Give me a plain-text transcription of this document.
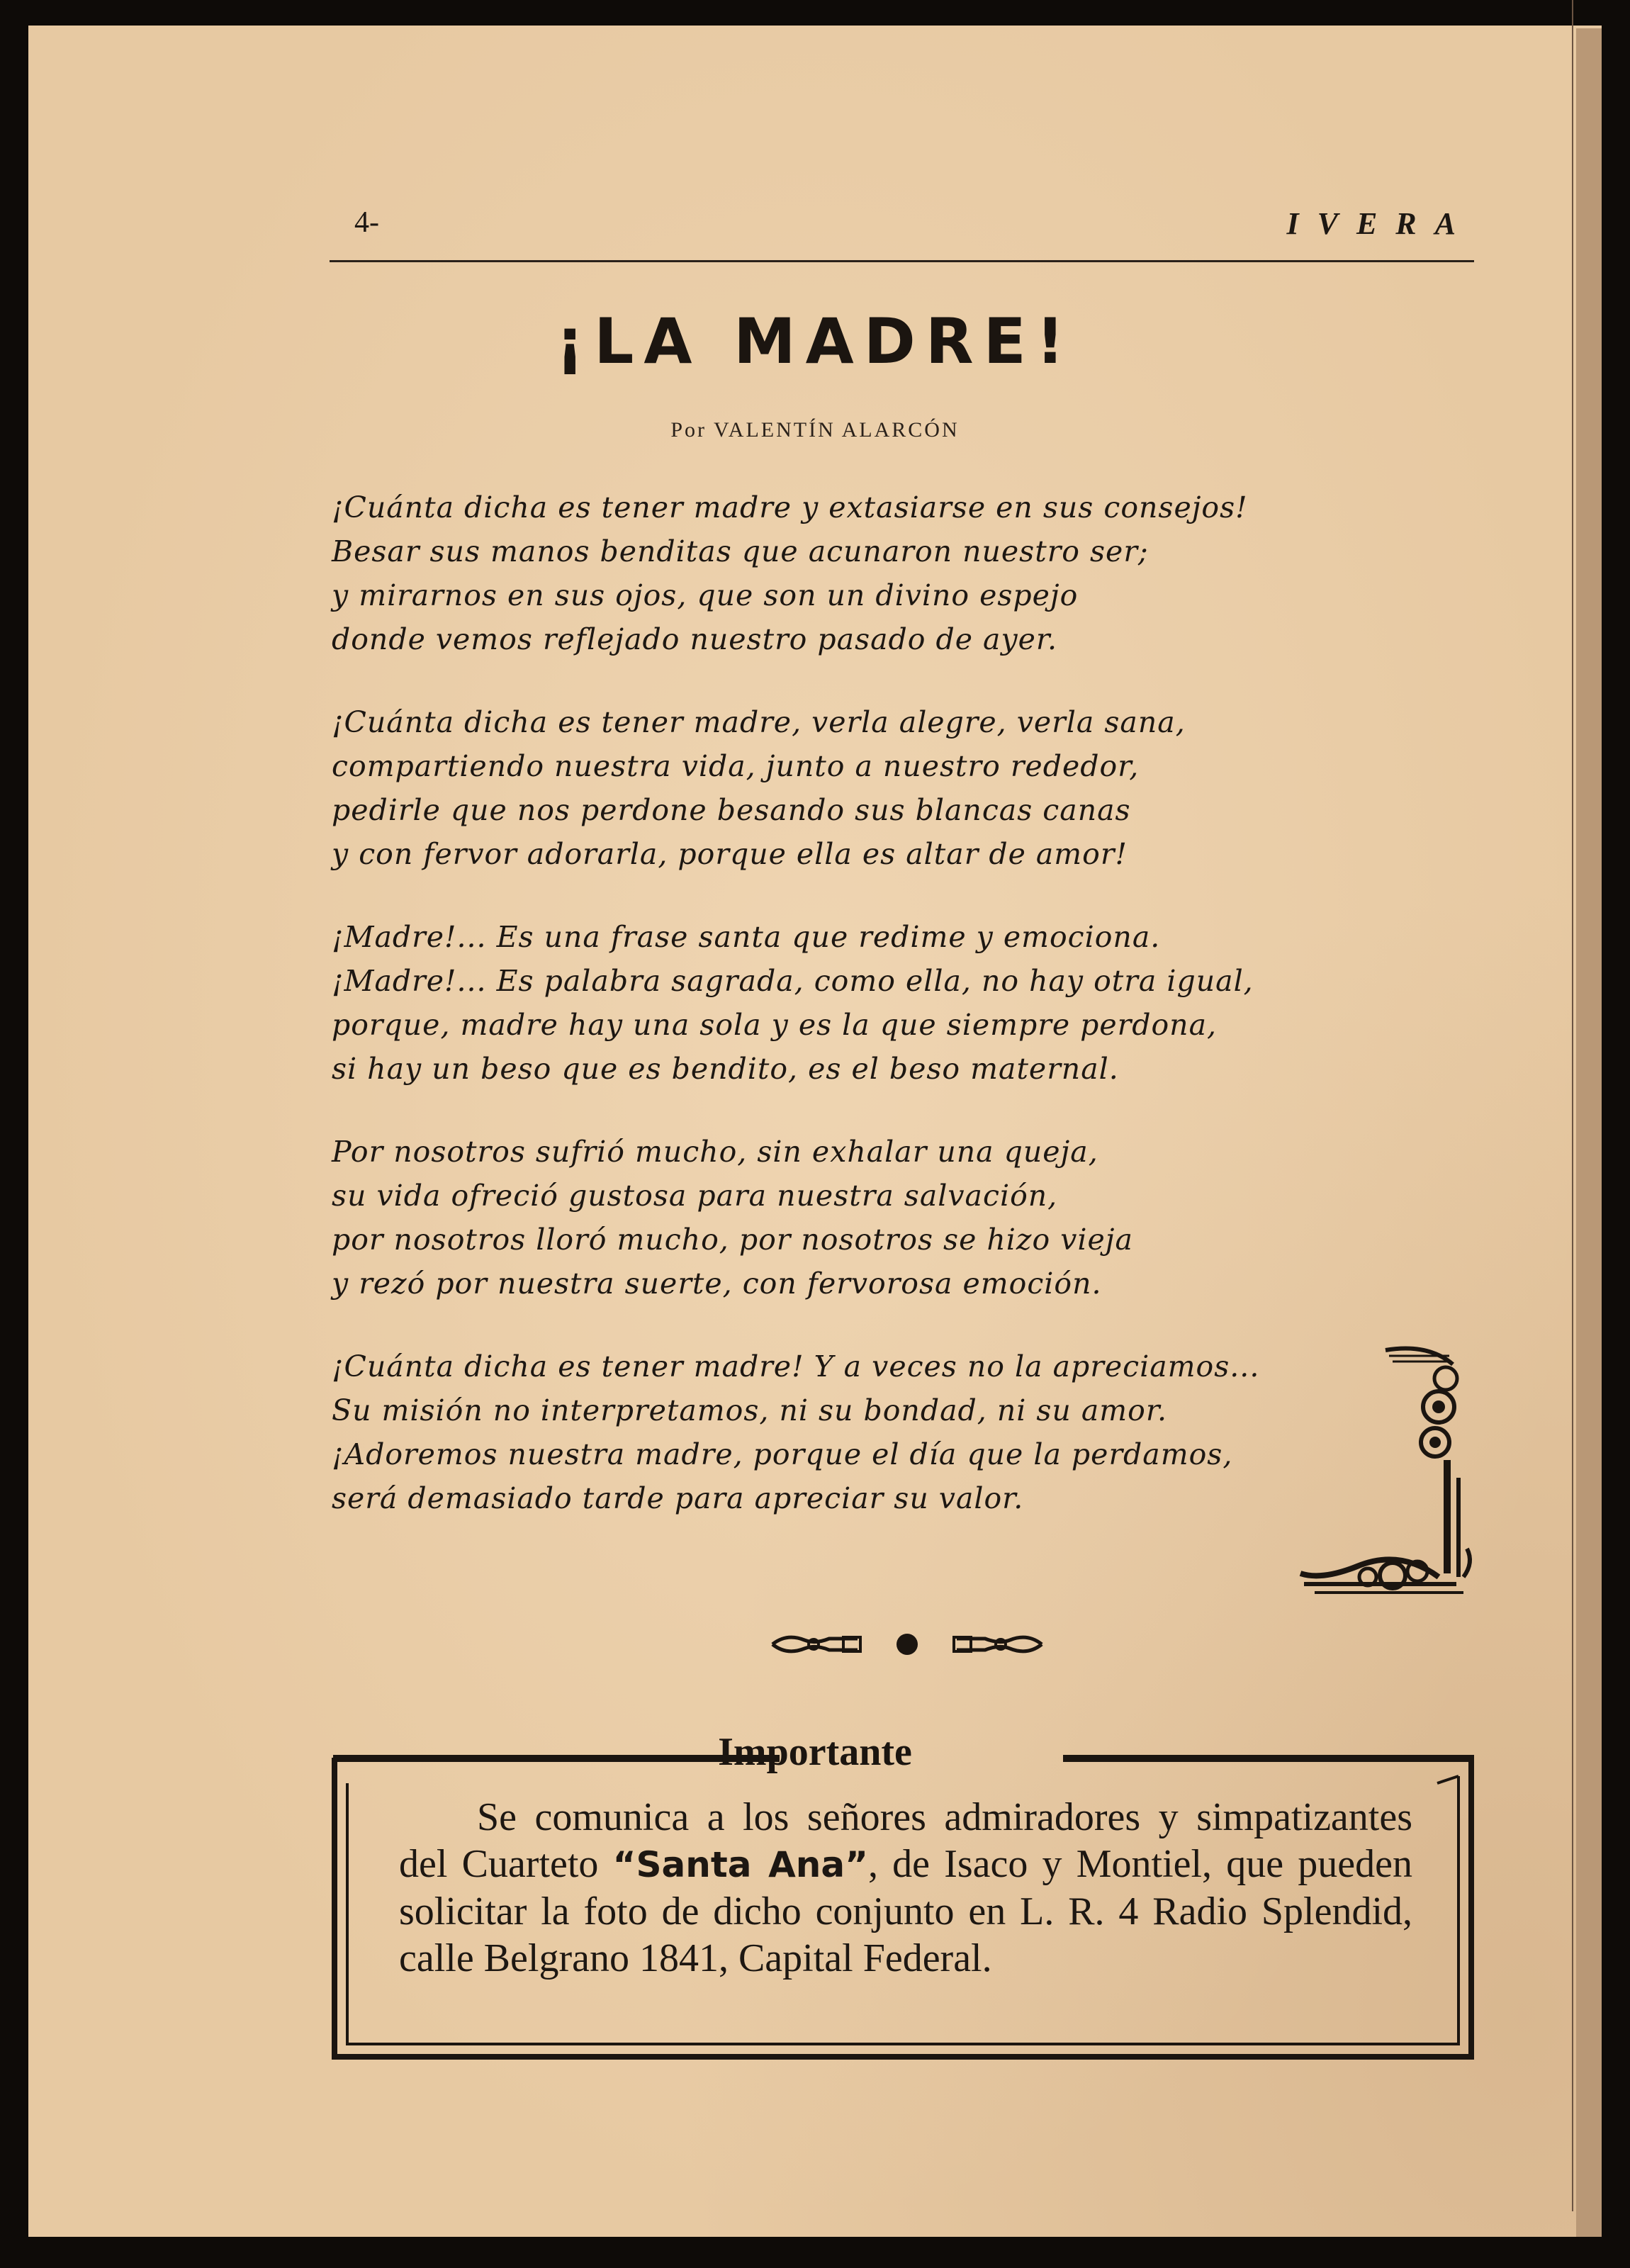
4-	IVERA
¡LA MADRE!
Por VALENTÍN ALARCÓN
¡Cuánta dicha es tener madre y extasiarse en sus consejos!
Besar sus manos benditas que acunaron nuestro ser;
y mirarnos en sus ojos, que son un divino espejo
donde vemos reflejado nuestro pasado de ayer.
¡Cuánta dicha es tener madre, verla alegre, verla sana,
compartiendo nuestra vida, junto a nuestro rededor,
pedirle que nos perdone besando sus blancas canas
y con fervor adorarla, porque ella es altar de amor!
¡Madre!... Es una frase santa que redime y emociona.
¡Madre!... Es palabra sagrada, como ella, no hay otra igual,
porque, madre hay una sola y es la que siempre perdona,
si hay un beso que es bendito, es el beso maternal.
Por nosotros sufrió mucho, sin exhalar una queja,
su vida ofreció gustosa para nuestra salvación,
por nosotros lloró mucho, por nosotros se hizo vieja
y rezó por nuestra suerte, con fervorosa emoción.
¡Cuánta dicha es tener madre! Y a veces no la apreciamos...
Su misión no interpretamos, ni su bondad, ni su amor.
¡Adoremos nuestra madre, porque el día que la perdamos,
será demasiado tarde para apreciar su valor.
Importante
Se comunica a los señores admiradores y simpatizantes del Cuarteto “Santa Ana”, de Isaco y Montiel, que pueden solicitar la foto de dicho conjunto en L. R. 4 Radio Splendid, calle Belgrano 1841, Capital Federal.
